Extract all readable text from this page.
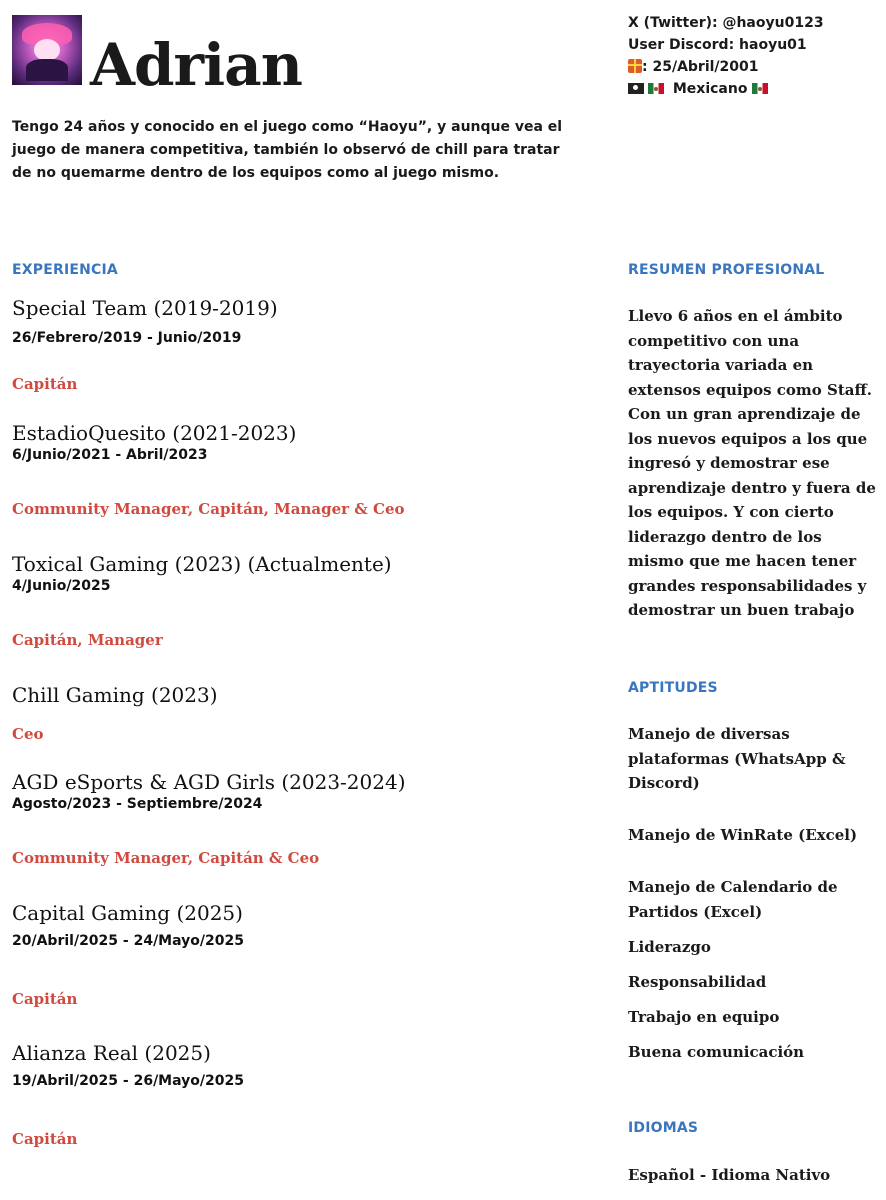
Adrian

Tengo 24 años y conocido en el juego como “Haoyu”, y aunque vea el juego de manera competitiva, también lo observó de chill para tratar de no quemarme dentro de los equipos como al juego mismo.

X (Twitter): @haoyu0123
User Discord: haoyu01
: 25/Abril/2001
Mexicano
EXPERIENCIA
Special Team (2019-2019)

26/Febrero/2019 - Junio/2019

Capitán

EstadioQuesito (2021-2023)

6/Junio/2021 - Abril/2023

Community Manager, Capitán, Manager & Ceo

Toxical Gaming (2023) (Actualmente)

4/Junio/2025

Capitán, Manager

Chill Gaming (2023)

Ceo

AGD eSports & AGD Girls (2023-2024)

Agosto/2023 - Septiembre/2024

Community Manager, Capitán & Ceo

Capital Gaming (2025)

20/Abril/2025 - 24/Mayo/2025

Capitán

Alianza Real (2025)

19/Abril/2025 - 26/Mayo/2025

Capitán

RESUMEN PROFESIONAL

Llevo 6 años en el ámbito competitivo con una trayectoria variada en extensos equipos como Staff. Con un gran aprendizaje de los nuevos equipos a los que ingresó y demostrar ese aprendizaje dentro y fuera de los equipos. Y con cierto liderazgo dentro de los mismo que me hacen tener grandes responsabilidades y demostrar un buen trabajo

APTITUDES

Manejo de diversas plataformas (WhatsApp & Discord)

Manejo de WinRate (Excel)

Manejo de Calendario de Partidos (Excel)

Liderazgo

Responsabilidad

Trabajo en equipo

Buena comunicación

IDIOMAS

Español - Idioma Nativo
